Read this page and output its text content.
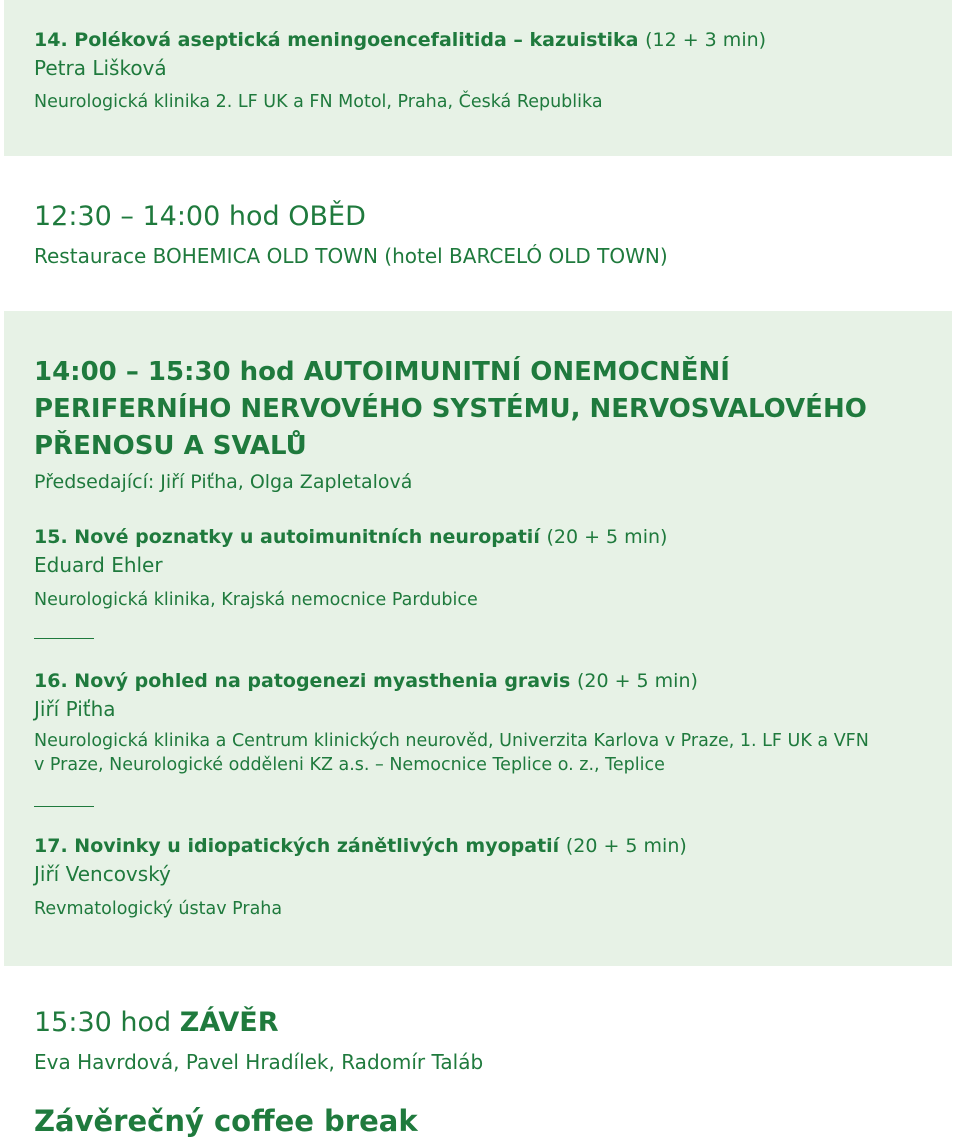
14. Poléková aseptická meningoencefalitida – kazuistika (12 + 3 min)

Petra Lišková

Neurologická klinika 2. LF UK a FN Motol, Praha, Česká Republika

12:30 – 14:00 hod OBĚD

Restaurace BOHEMICA OLD TOWN (hotel BARCELÓ OLD TOWN)

14:00 – 15:30 hod AUTOIMUNITNÍ ONEMOCNĚNÍ PERIFERNÍHO NERVOVÉHO SYSTÉMU, NERVOSVALOVÉHO PŘENOSU A SVALŮ

Předsedající: Jiří Piťha, Olga Zapletalová

15. Nové poznatky u autoimunitních neuropatií (20 + 5 min)

Eduard Ehler

Neurologická klinika, Krajská nemocnice Pardubice

16. Nový pohled na patogenezi myasthenia gravis (20 + 5 min)

Jiří Piťha

Neurologická klinika a Centrum klinických neurověd, Univerzita Karlova v Praze, 1. LF UK a VFN

v Praze, Neurologické odděleni KZ a.s. – Nemocnice Teplice o. z., Teplice

17. Novinky u idiopatických zánětlivých myopatií (20 + 5 min)

Jiří Vencovský

Revmatologický ústav Praha

15:30 hod ZÁVĚR

Eva Havrdová, Pavel Hradílek, Radomír Taláb

Závěrečný coffee break
